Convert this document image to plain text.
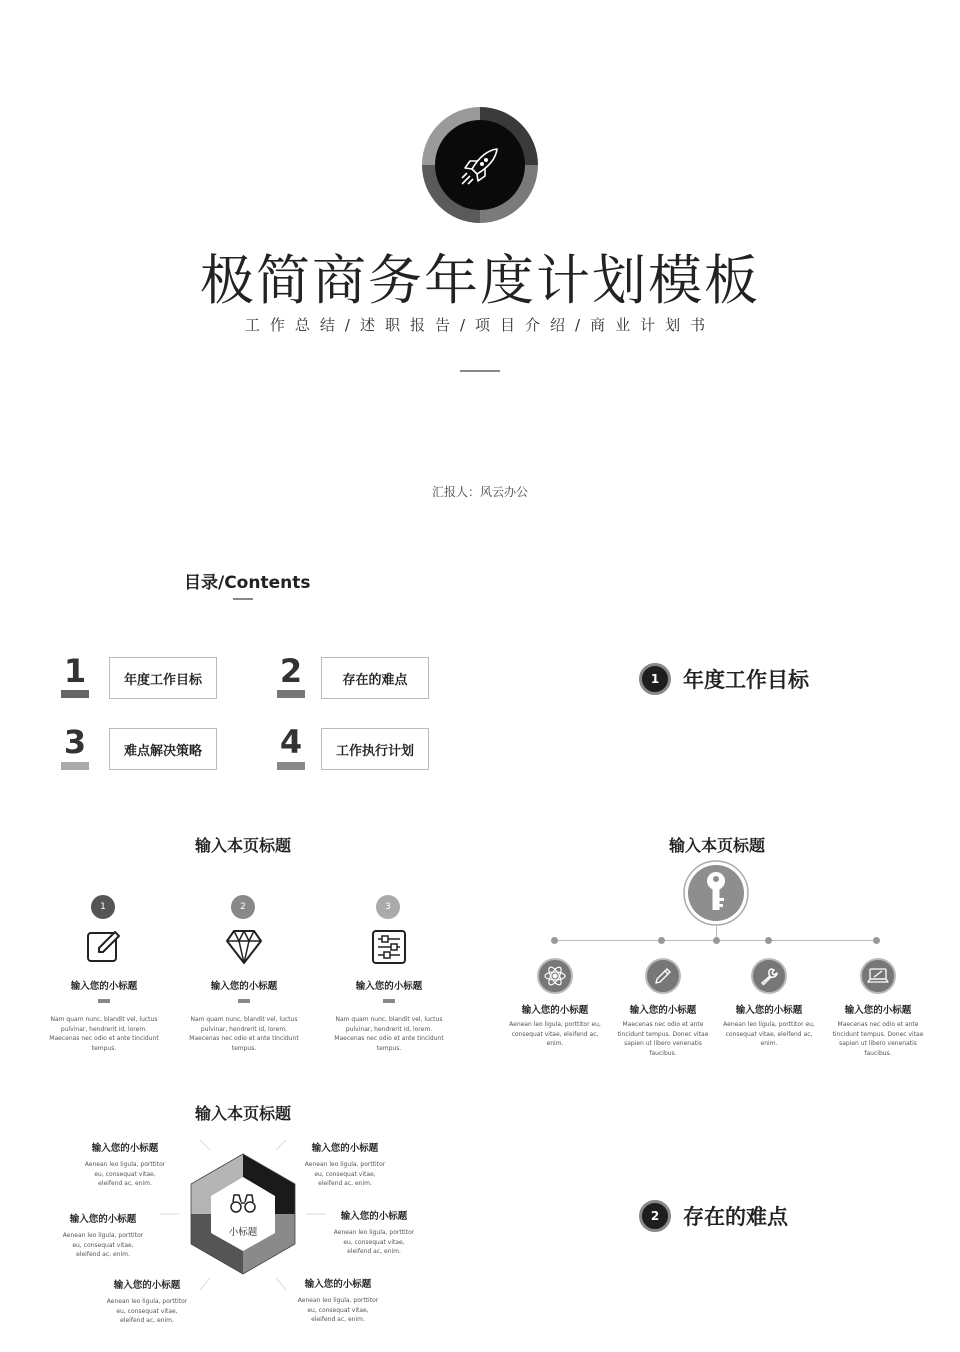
极简商务年度计划模板
工作总结/述职报告/项目介绍/商业计划书
汇报人：风云办公
目录/Contents
1	年度工作目标	2	存在的难点
3	难点解决策略	4	工作执行计划
1	年度工作目标
输入本页标题
1
输入您的小标题
Nam quam nunc, blandit vel, luctus pulvinar, hendrerit id, lorem. Maecenas nec odio et ante tincidunt tempus.
2
输入您的小标题
Nam quam nunc, blandit vel, luctus pulvinar, hendrerit id, lorem. Maecenas nec odio et ante tincidunt tempus.
3
输入您的小标题
Nam quam nunc, blandit vel, luctus pulvinar, hendrerit id, lorem. Maecenas nec odio et ante tincidunt tempus.
输入本页标题
输入您的小标题
Aenean leo ligula, porttitor eu, consequat vitae, eleifend ac, enim.
输入您的小标题
Maecenas nec odio et ante tincidunt tempus. Donec vitae sapien ut libero venenatis faucibus.
输入您的小标题
Aenean leo ligula, porttitor eu, consequat vitae, eleifend ac, enim.
输入您的小标题
Maecenas nec odio et ante tincidunt tempus. Donec vitae sapien ut libero venenatis faucibus.
输入本页标题
小标题
输入您的小标题
Aenean leo ligula, porttitor eu, consequat vitae, eleifend ac, enim.
输入您的小标题
Aenean leo ligula, porttitor eu, consequat vitae, eleifend ac, enim.
输入您的小标题
Aenean leo ligula, porttitor eu, consequat vitae, eleifend ac, enim.
输入您的小标题
Aenean leo ligula, porttitor eu, consequat vitae, eleifend ac, enim.
输入您的小标题
Aenean leo ligula, porttitor eu, consequat vitae, eleifend ac, enim.
输入您的小标题
Aenean leo ligula, porttitor eu, consequat vitae, eleifend ac, enim.
2	存在的难点
